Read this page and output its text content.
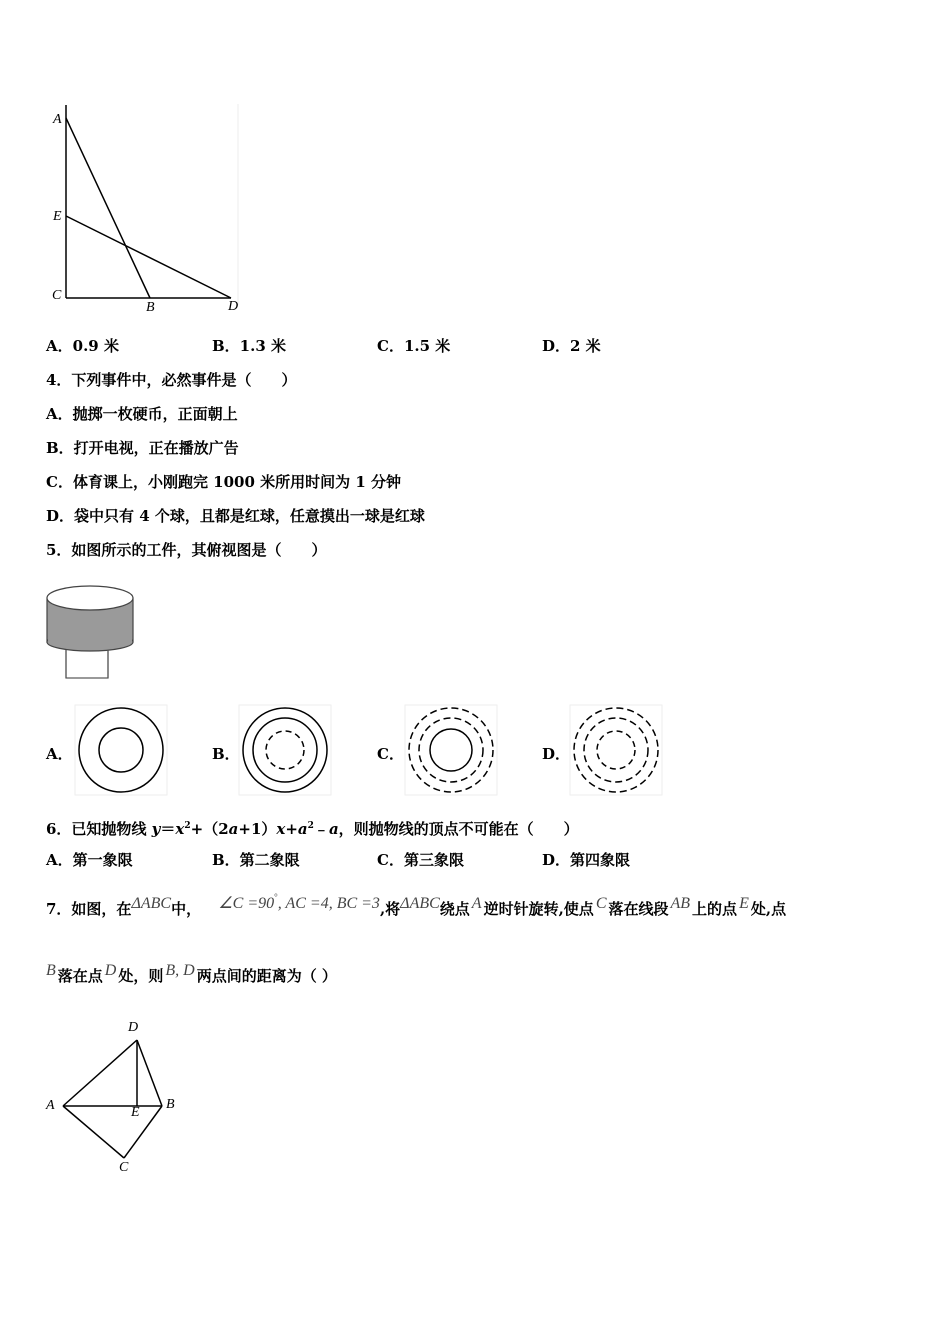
A
E
C
B	D
A．0.9 米	B．1.3 米	C．1.5 米	D．2 米
4．下列事件中，必然事件是（　　）
A．抛掷一枚硬币，正面朝上
B．打开电视，正在播放广告
C．体育课上，小刚跑完 1000 米所用时间为 1 分钟
D．袋中只有 4 个球，且都是红球，任意摸出一球是红球
5．如图所示的工件，其俯视图是（　　）
A．	B．	C．	D．
6．已知抛物线 $y=x^2+(2a+1)x+a^2﹣a$，则抛物线的顶点不可能在（　　）
A．第一象限	B．第二象限	C．第三象限	D．第四象限
7．如图，在ΔABC中， ∠C =90°, AC =4, BC =3,将ΔABC绕点 A 逆时针旋转,使点 C 落在线段 AB 上的点 E 处,点
B 落在点 D 处，则 B, D 两点间的距离为（ ）
D
A	E
B
C
